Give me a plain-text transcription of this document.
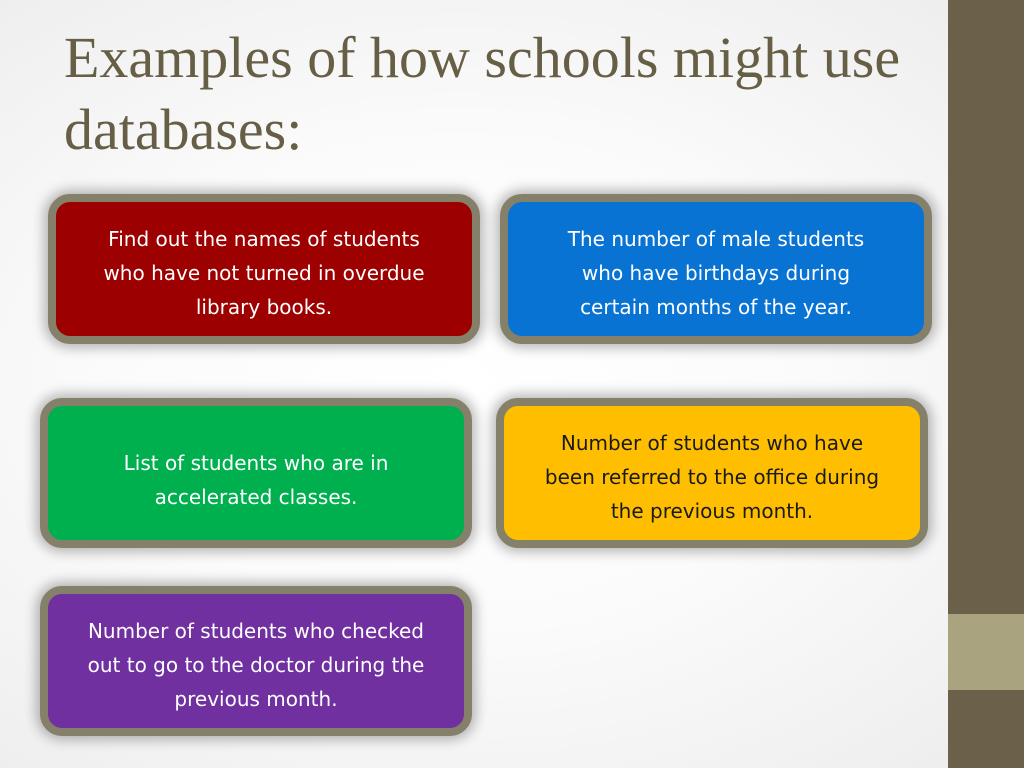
Examples of how schools might use databases:
Find out the names of students
who have not turned in overdue
library books.
The number of male students
who have birthdays during
certain months of the year.
List of students who are in
accelerated classes.
Number of students who have
been referred to the office during
the previous month.
Number of students who checked
out to go to the doctor during the
previous month.
